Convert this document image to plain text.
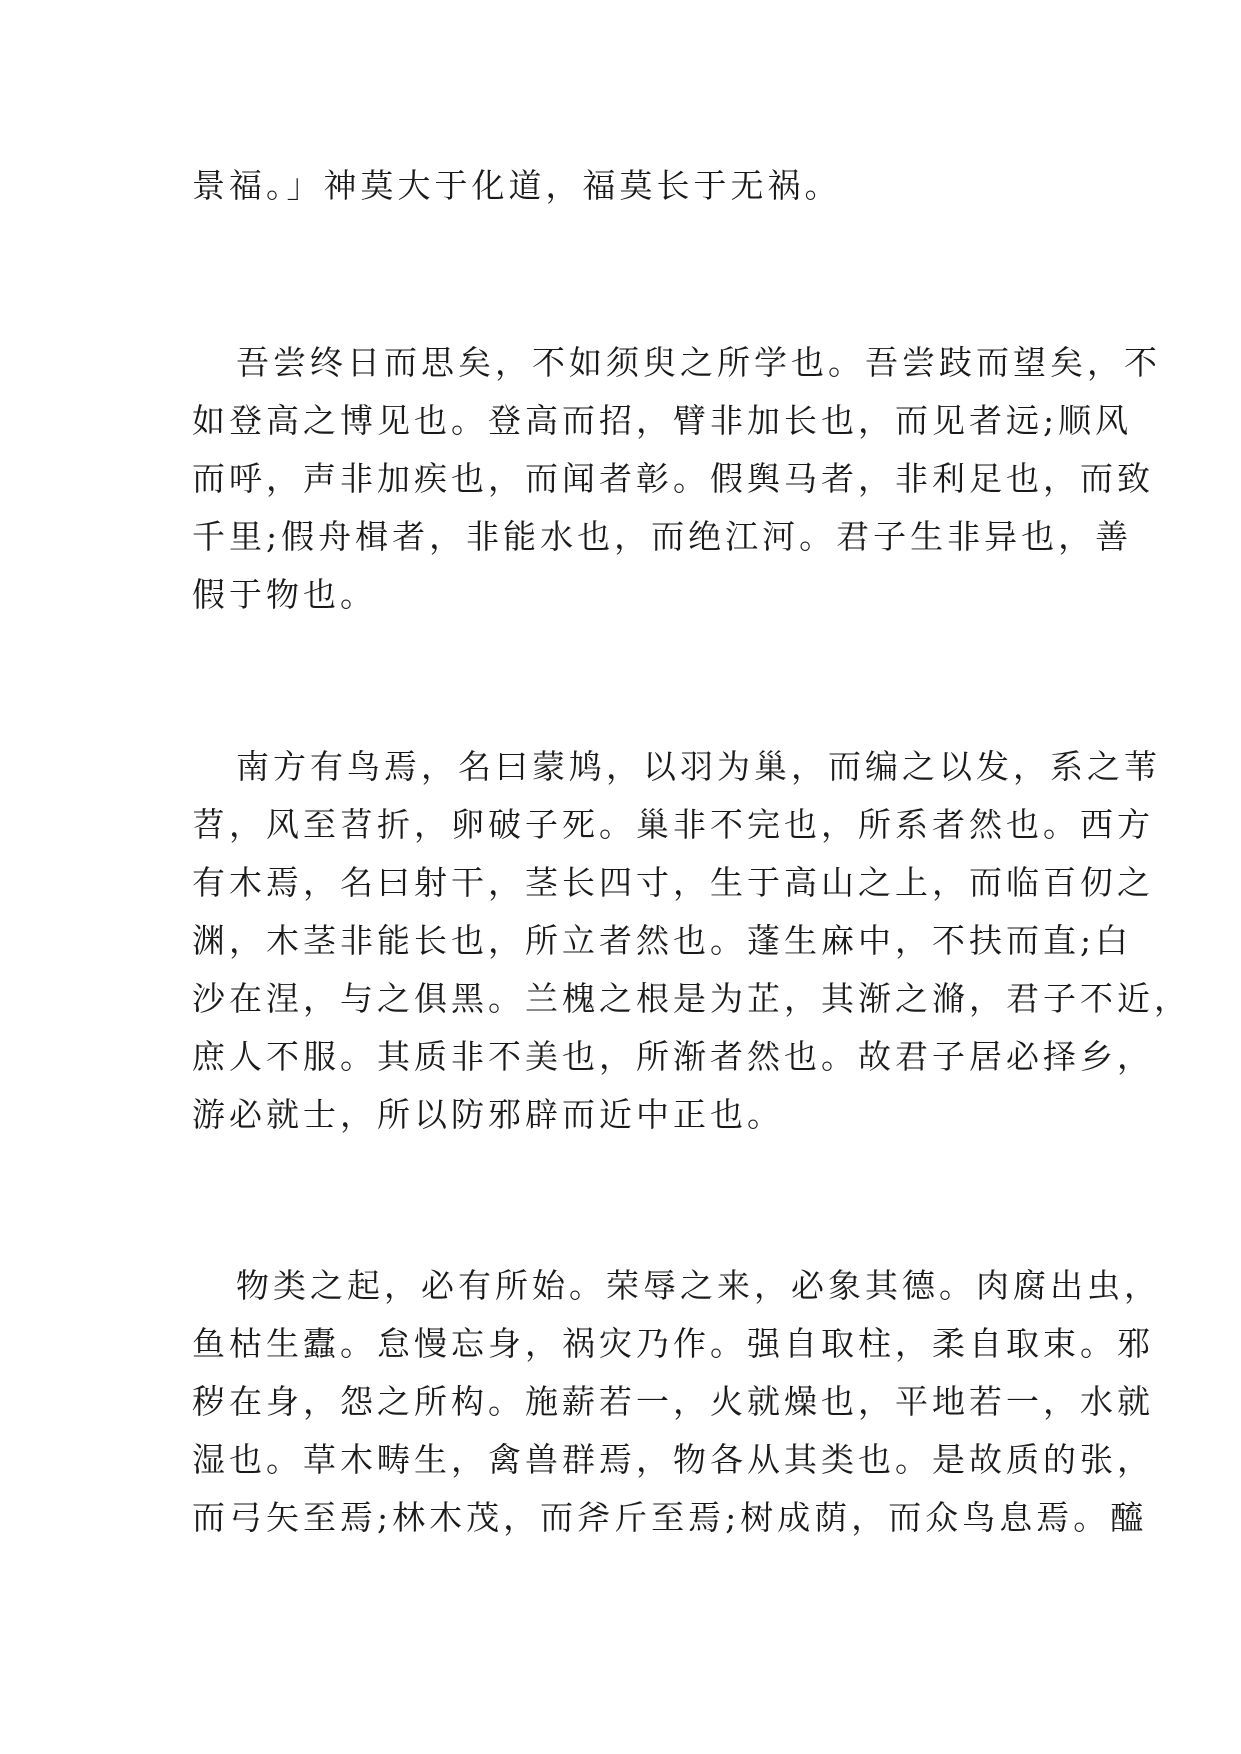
景福。」神莫大于化道，福莫长于无祸。
吾尝终日而思矣，不如须臾之所学也。吾尝跂而望矣，不
如登高之博见也。登高而招，臂非加长也，而见者远;顺风
而呼，声非加疾也，而闻者彰。假舆马者，非利足也，而致
千里;假舟楫者，非能水也，而绝江河。君子生非异也，善
假于物也。
南方有鸟焉，名曰蒙鸠，以羽为巢，而编之以发，系之苇
苕，风至苕折，卵破子死。巢非不完也，所系者然也。西方
有木焉，名曰射干，茎长四寸，生于高山之上，而临百仞之
渊，木茎非能长也，所立者然也。蓬生麻中，不扶而直;白
沙在涅，与之俱黑。兰槐之根是为芷，其渐之滫，君子不近，
庶人不服。其质非不美也，所渐者然也。故君子居必择乡，
游必就士，所以防邪辟而近中正也。
物类之起，必有所始。荣辱之来，必象其德。肉腐出虫，
鱼枯生蠹。怠慢忘身，祸灾乃作。强自取柱，柔自取束。邪
秽在身，怨之所构。施薪若一，火就燥也，平地若一，水就
湿也。草木畴生，禽兽群焉，物各从其类也。是故质的张，
而弓矢至焉;林木茂，而斧斤至焉;树成荫，而众鸟息焉。醯
